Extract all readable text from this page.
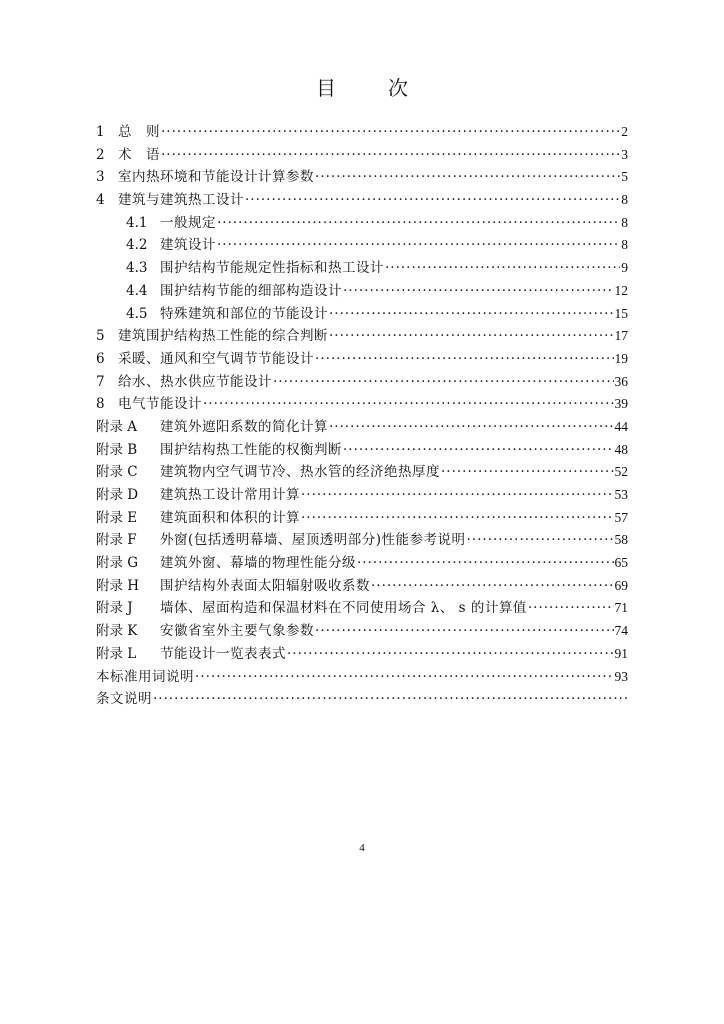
目	次
1 总　则 ·····	2
2 术　语 ·····	3
3 室内热环境和节能设计计算参数 ·····	5
4 建筑与建筑热工设计 ·····	8
4.1 一般规定 ·····	8
4.2 建筑设计 ·····	8
4.3 围护结构节能规定性指标和热工设计 ·····	9
4.4 围护结构节能的细部构造设计 ·····	12
4.5 特殊建筑和部位的节能设计 ·····	15
5 建筑围护结构热工性能的综合判断 ·····	17
6 采暖、通风和空气调节节能设计 ·····	19
7 给水、热水供应节能设计 ·····	36
8 电气节能设计 ·····	39
附录 A	建筑外遮阳系数的简化计算 ·····	44
附录 B	围护结构热工性能的权衡判断 ·····	48
附录 C	建筑物内空气调节冷、热水管的经济绝热厚度 ·····	52
附录 D	建筑热工设计常用计算 ·····	53
附录 E	建筑面积和体积的计算 ·····	57
附录 F	外窗(包括透明幕墙、屋顶透明部分)性能参考说明 ·····	58
附录 G	建筑外窗、幕墙的物理性能分级 ·····	65
附录 H	围护结构外表面太阳辐射吸收系数 ·····	69
附录 J	墙体、屋面构造和保温材料在不同使用场合 λ、 s 的计算值 ·····	71
附录 K	安徽省室外主要气象参数 ·····	74
附录 L	节能设计一览表表式 ·····	91
本标准用词说明 ·····	93
条文说明
·····
4
